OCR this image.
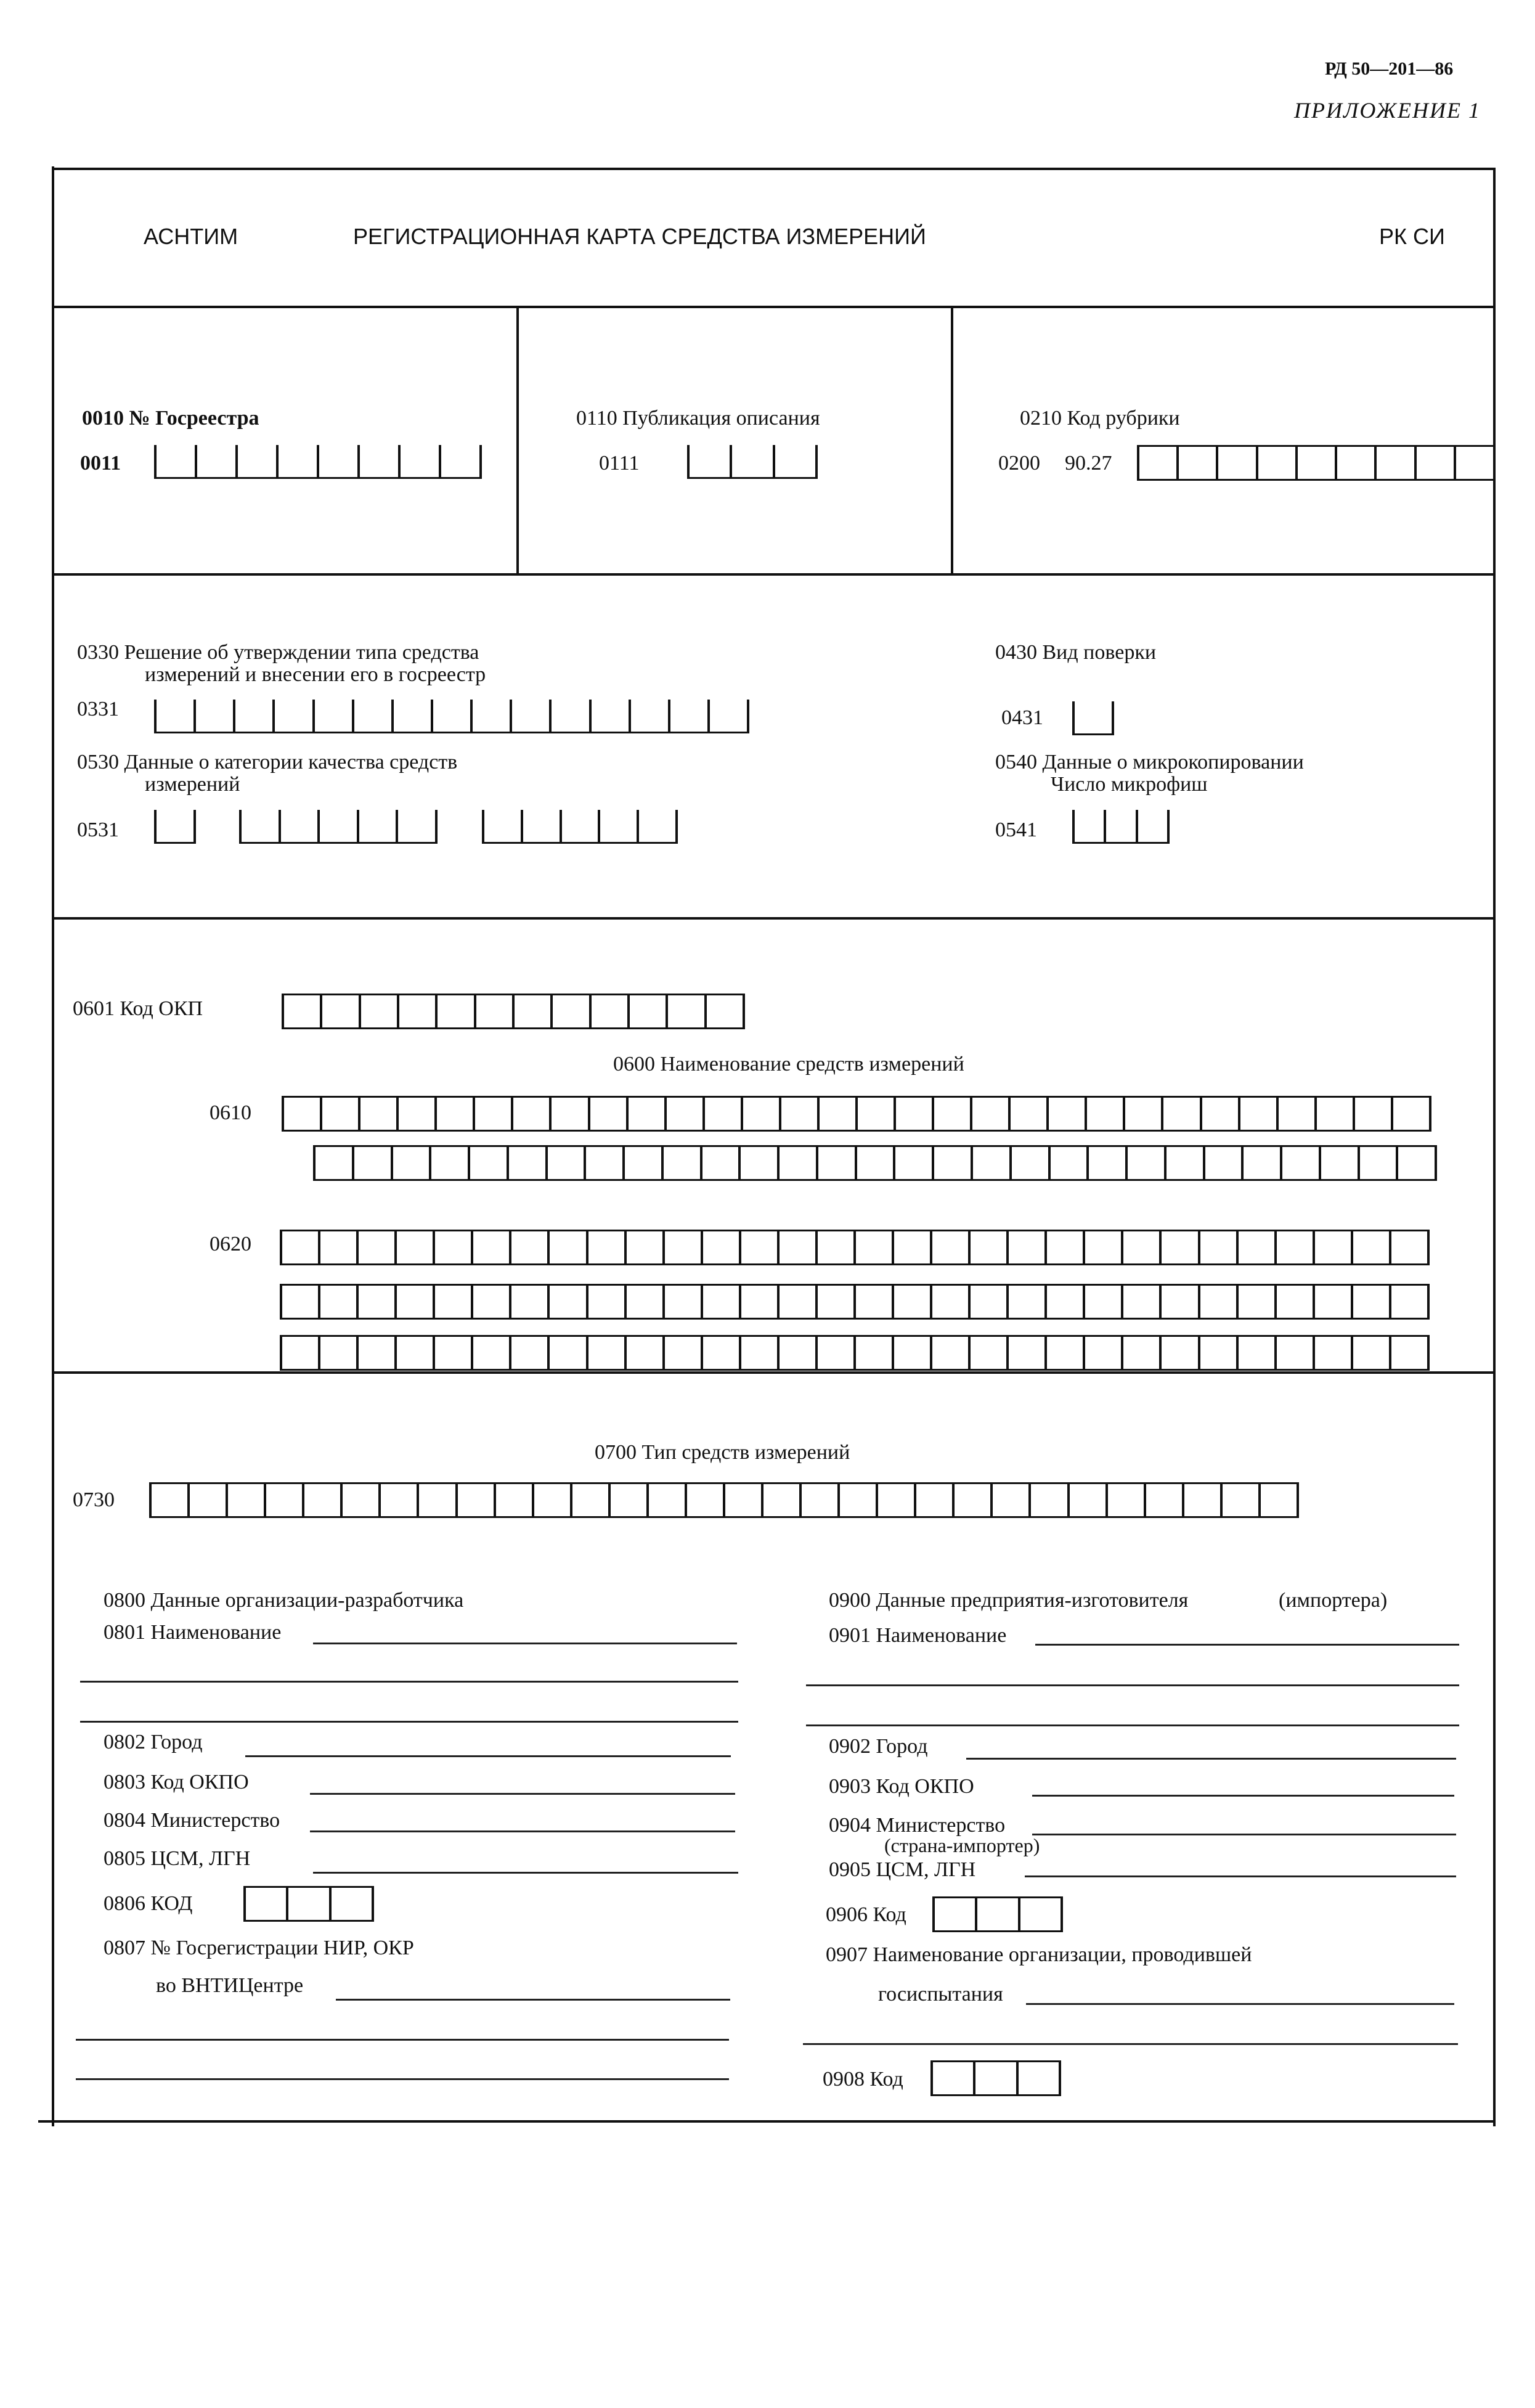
РД 50—201—86
ПРИЛОЖЕНИЕ 1
АСНТИМ	РЕГИСТРАЦИОННАЯ КАРТА СРЕДСТВА ИЗМЕРЕНИЙ	РК СИ
0010 № Госреестра
0011
0110 Публикация описания
0111
0210 Код рубрики
0200 90.27
0330 Решение об утверждении типа средства
измерений и внесении его в госреестр
0331
0430 Вид поверки
0431
0530 Данные о категории качества средств
измерений
0531
0540 Данные о микрокопировании
Число микрофиш
0541
0601 Код ОКП
0600 Наименование средств измерений
0610
0620
0700 Тип средств измерений
0730
0800 Данные организации-разработчика
0801 Наименование
0802 Город
0803 Код ОКПО
0804 Министерство
0805 ЦСМ, ЛГН
0806 КОД
0807 № Госрегистрации НИР, ОКР
во ВНТИЦентре
0900 Данные предприятия-изготовителя	(импортера)
0901 Наименование
0902 Город
0903 Код ОКПО
0904 Министерство
(страна-импортер)
0905 ЦСМ, ЛГН
0906 Код
0907 Наименование организации, проводившей
госиспытания
0908 Код
